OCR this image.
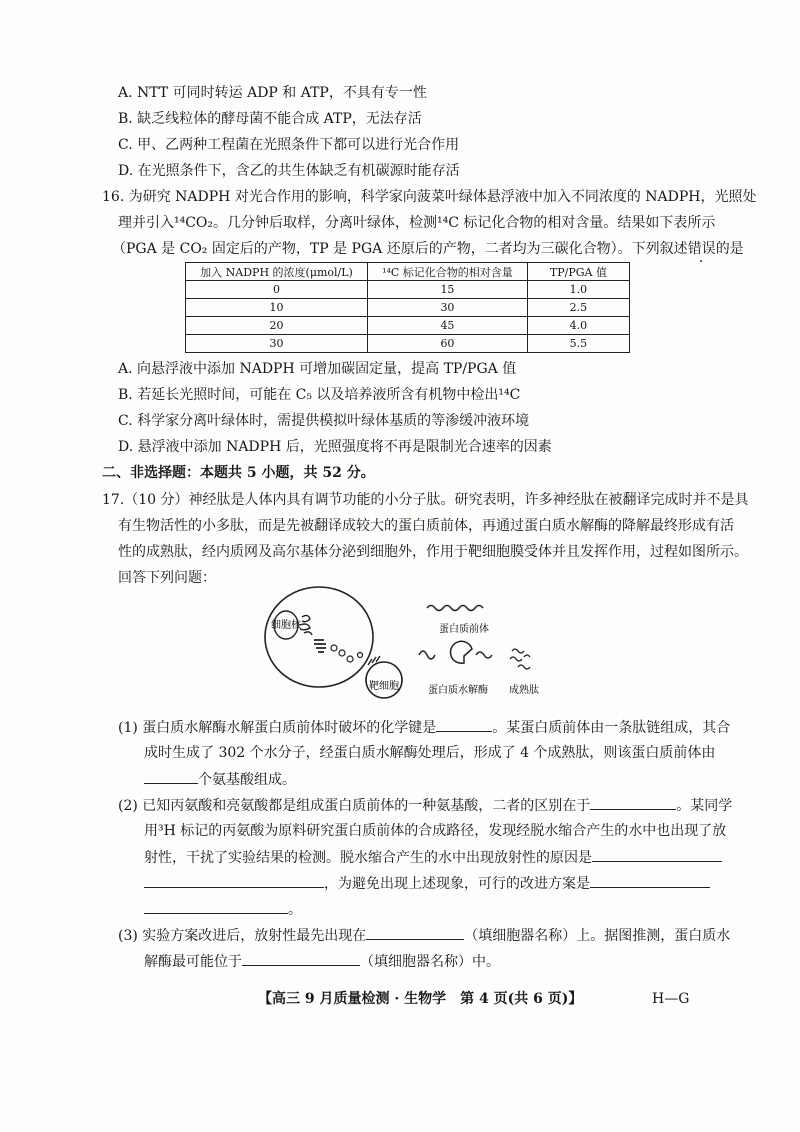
A. NTT 可同时转运 ADP 和 ATP，不具有专一性
B. 缺乏线粒体的酵母菌不能合成 ATP，无法存活
C. 甲、乙两种工程菌在光照条件下都可以进行光合作用
D. 在光照条件下，含乙的共生体缺乏有机碳源时能存活
16. 为研究 NADPH 对光合作用的影响，科学家向菠菜叶绿体悬浮液中加入不同浓度的 NADPH，光照处
理并引入¹⁴CO₂。几分钟后取样，分离叶绿体，检测¹⁴C 标记化合物的相对含量。结果如下表所示
（PGA 是 CO₂ 固定后的产物，TP 是 PGA 还原后的产物，二者均为三碳化合物）。下列叙述错误的是
加入 NADPH 的浓度(μmol/L)	¹⁴C 标记化合物的相对含量	TP/PGA 值
0	15	1.0
10	30	2.5
20	45	4.0
30	60	5.5
A. 向悬浮液中添加 NADPH 可增加碳固定量，提高 TP/PGA 值
B. 若延长光照时间，可能在 C₅ 以及培养液所含有机物中检出¹⁴C
C. 科学家分离叶绿体时，需提供模拟叶绿体基质的等渗缓冲液环境
D. 悬浮液中添加 NADPH 后，光照强度将不再是限制光合速率的因素
二、非选择题：本题共 5 小题，共 52 分。
17.（10 分）神经肽是人体内具有调节功能的小分子肽。研究表明，许多神经肽在被翻译完成时并不是具
有生物活性的小多肽，而是先被翻译成较大的蛋白质前体，再通过蛋白质水解酶的降解最终形成有活
性的成熟肽，经内质网及高尔基体分泌到细胞外，作用于靶细胞膜受体并且发挥作用，过程如图所示。
回答下列问题：
细胞核
靶细胞
蛋白质前体
蛋白质水解酶 成熟肽
(1) 蛋白质水解酶水解蛋白质前体时破坏的化学键是	。某蛋白质前体由一条肽链组成，其合
成时生成了 302 个水分子，经蛋白质水解酶处理后，形成了 4 个成熟肽，则该蛋白质前体由
个氨基酸组成。
(2) 已知丙氨酸和亮氨酸都是组成蛋白质前体的一种氨基酸，二者的区别在于	。某同学
用³H 标记的丙氨酸为原料研究蛋白质前体的合成路径，发现经脱水缩合产生的水中也出现了放
射性，干扰了实验结果的检测。脱水缩合产生的水中出现放射性的原因是
，为避免出现上述现象，可行的改进方案是
。
(3) 实验方案改进后，放射性最先出现在	（填细胞器名称）上。据图推测，蛋白质水
解酶最可能位于	（填细胞器名称）中。
【高三 9 月质量检测 · 生物学　第 4 页(共 6 页)】	H—G
